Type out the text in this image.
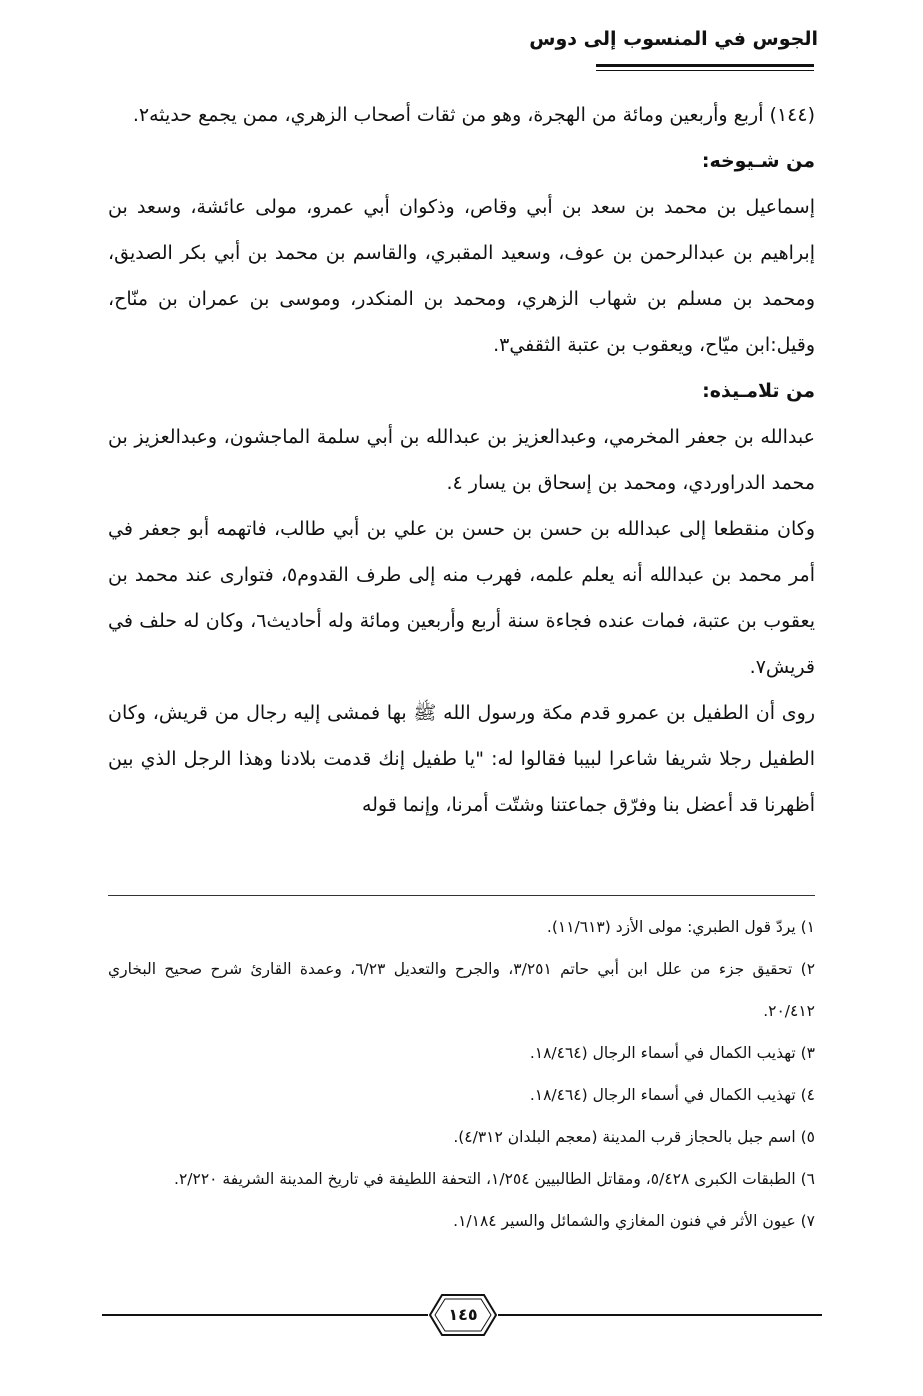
الجوس في المنسوب إلى دوس

(١٤٤) أربع وأربعين ومائة من الهجرة، وهو من ثقات أصحاب الزهري، ممن يجمع حديثه٢.

من شـيوخه:

إسماعيل بن محمد بن سعد بن أبي وقاص، وذكوان أبي عمرو، مولى عائشة، وسعد بن إبراهيم بن عبدالرحمن بن عوف، وسعيد المقبري، والقاسم بن محمد بن أبي بكر الصديق، ومحمد بن مسلم بن شهاب الزهري، ومحمد بن المنكدر، وموسى بن عمران بن منّاح، وقيل:ابن ميّاح، ويعقوب بن عتبة الثقفي٣.

من تلامـيذه:

عبدالله بن جعفر المخرمي، وعبدالعزيز بن عبدالله بن أبي سلمة الماجشون، وعبدالعزيز بن محمد الدراوردي، ومحمد بن إسحاق بن يسار ٤.

وكان منقطعا إلى عبدالله بن حسن بن حسن بن علي بن أبي طالب، فاتهمه أبو جعفر في أمر محمد بن عبدالله أنه يعلم علمه، فهرب منه إلى طرف القدوم٥، فتوارى عند محمد بن يعقوب بن عتبة، فمات عنده فجاءة سنة أربع وأربعين ومائة وله أحاديث٦، وكان له حلف في قريش٧.

روى أن الطفيل بن عمرو قدم مكة ورسول الله ﷺ بها فمشى إليه رجال من قريش، وكان الطفيل رجلا شريفا شاعرا لبيبا فقالوا له: "يا طفيل إنك قدمت بلادنا وهذا الرجل الذي بين أظهرنا قد أعضل بنا وفرّق جماعتنا وشتّت أمرنا، وإنما قوله

١) يردّ قول الطبري: مولى الأزد (١١/٦١٣).

٢) تحقيق جزء من علل ابن أبي حاتم ٣/٢٥١، والجرح والتعديل ٦/٢٣، وعمدة القارئ شرح صحيح البخاري ٢٠/٤١٢.

٣) تهذيب الكمال في أسماء الرجال (١٨/٤٦٤.

٤) تهذيب الكمال في أسماء الرجال (١٨/٤٦٤.

٥) اسم جبل بالحجاز قرب المدينة (معجم البلدان ٤/٣١٢).

٦) الطبقات الكبرى ٥/٤٢٨، ومقاتل الطالبيين ١/٢٥٤، التحفة اللطيفة في تاريخ المدينة الشريفة ٢/٢٢٠.

٧) عيون الأثر في فنون المغازي والشمائل والسير ١/١٨٤.

١٤٥
